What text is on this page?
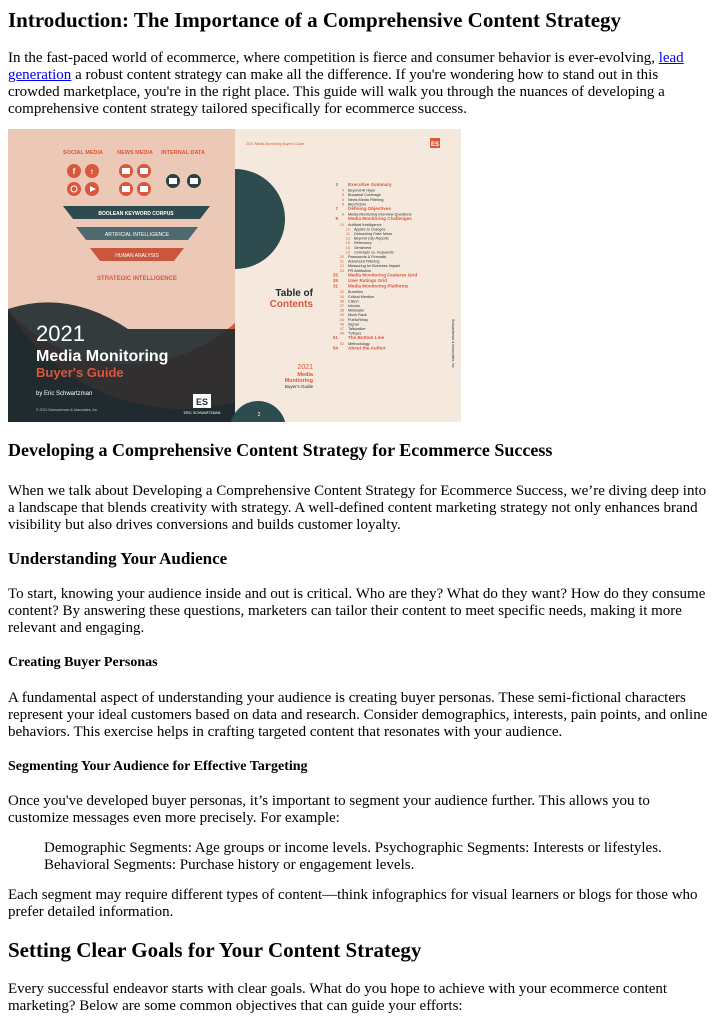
Introduction: The Importance of a Comprehensive Content Strategy

In the fast-paced world of ecommerce, where competition is fierce and consumer behavior is ever-evolving, lead generation a robust content strategy can make all the difference. If you're wondering how to stand out in this crowded marketplace, you're in the right place. This guide will walk you through the nuances of developing a comprehensive content strategy tailored specifically for ecommerce success.

SOCIAL MEDIA	NEWS MEDIA INTERNAL DATA
f t
BOOLEAN KEYWORD CORPUS
ARTIFICIAL INTELLIGENCE
HUMAN ANALYSIS
STRATEGIC INTELLIGENCE
2021
Media Monitoring
Buyer's Guide
by Eric Schwartzman
© 2021 Schwartzman & Associates, Inc.
ES
ERIC SCHWARTZMAN	2
2021 Media Monitoring Buyer's Guide	ES
Table of
Contents
2021
Media
Monitoring
Buyer's Guide
Schwartzman & Associates, Inc.
3 Executive Summary
4 Beyond AI Hype
5 Broadest Coverage
5 News Media Filtering
6 Big Picture
7 Defining Objectives
8 Media Monitoring Interview Questions
9 Media Monitoring Challenges
10 Artificial Intelligence
10 Apples to Oranges
11 Debunking Fake News
13 Beyond Clip Reports
15 Relevancy
16 Sentiment
18 Concepts vs. Keywords
20 Passwords & Firewalls
21 Advanced Filtering
22 Measuring for Business Impact
24 PR Attribution
25 Media Monitoring Features Grid
29 User Ratings Grid
31 Media Monitoring Platforms
32 Burrelles
34 Critical Mention
36 Cision
37 Intrado
38 Meltwater
40 Muck Rack
44 PublicRelay
46 Signal
47 Talkwalker
49 TVEyes
51 The Bottom Line
52 Methodology
54 About the Author
Developing a Comprehensive Content Strategy for Ecommerce Success

When we talk about Developing a Comprehensive Content Strategy for Ecommerce Success, we’re diving deep into a landscape that blends creativity with strategy. A well-defined content marketing strategy not only enhances brand visibility but also drives conversions and builds customer loyalty.

Understanding Your Audience

To start, knowing your audience inside and out is critical. Who are they? What do they want? How do they consume content? By answering these questions, marketers can tailor their content to meet specific needs, making it more relevant and engaging.

Creating Buyer Personas

A fundamental aspect of understanding your audience is creating buyer personas. These semi-fictional characters represent your ideal customers based on data and research. Consider demographics, interests, pain points, and online behaviors. This exercise helps in crafting targeted content that resonates with your audience.

Segmenting Your Audience for Effective Targeting

Once you've developed buyer personas, it’s important to segment your audience further. This allows you to customize messages even more precisely. For example:

Demographic Segments: Age groups or income levels. Psychographic Segments: Interests or lifestyles. Behavioral Segments: Purchase history or engagement levels.

Each segment may require different types of content—think infographics for visual learners or blogs for those who prefer detailed information.

Setting Clear Goals for Your Content Strategy

Every successful endeavor starts with clear goals. What do you hope to achieve with your ecommerce content marketing? Below are some common objectives that can guide your efforts:
